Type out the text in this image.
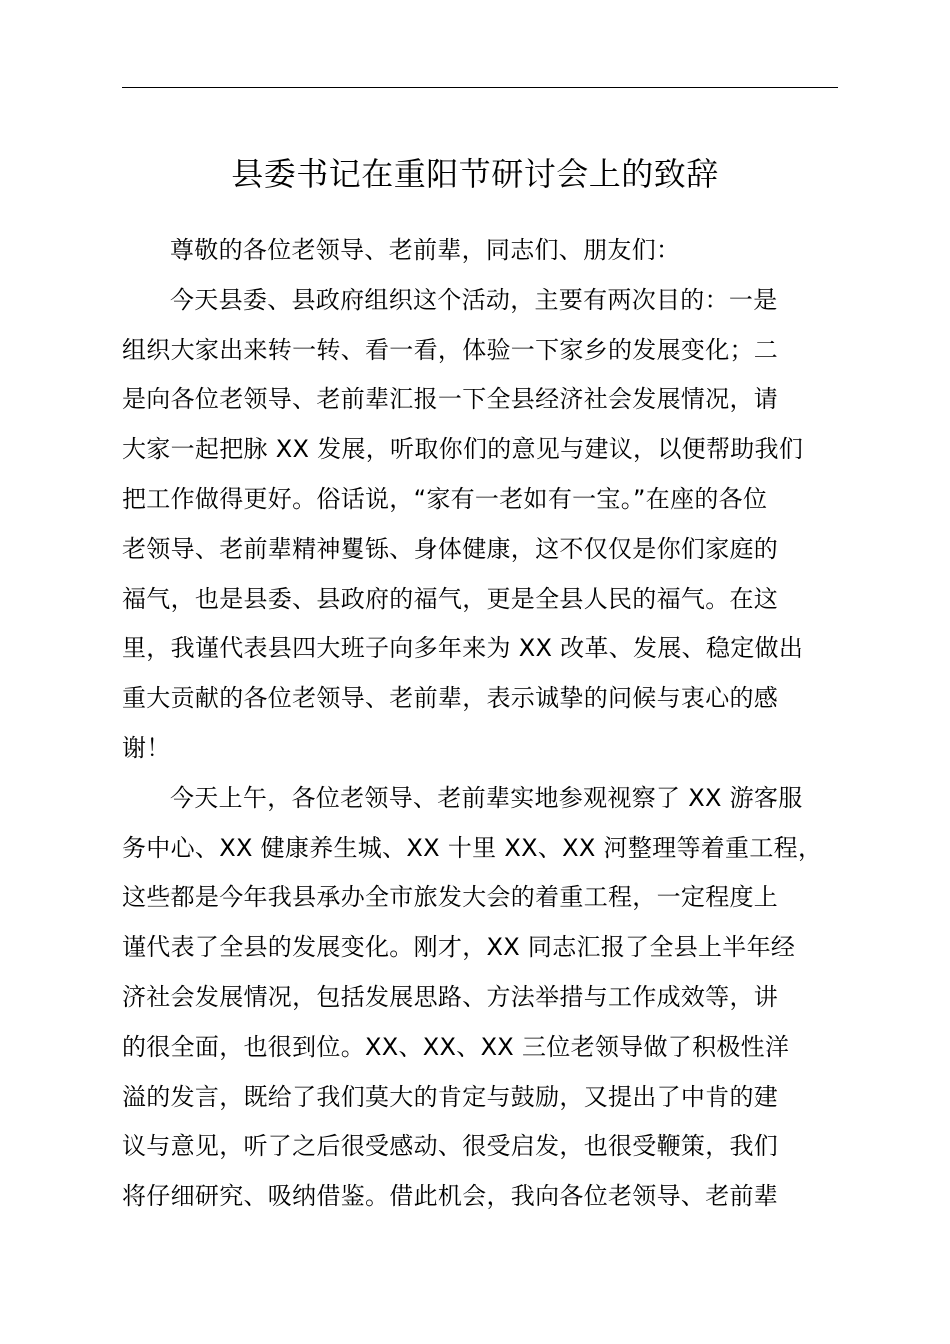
县委书记在重阳节研讨会上的致辞
尊敬的各位老领导、老前辈，同志们、朋友们：
今天县委、县政府组织这个活动，主要有两次目的：一是
组织大家出来转一转、看一看，体验一下家乡的发展变化；二
是向各位老领导、老前辈汇报一下全县经济社会发展情况，请
大家一起把脉 XX 发展，听取你们的意见与建议，以便帮助我们
把工作做得更好。俗话说，“家有一老如有一宝。”在座的各位
老领导、老前辈精神矍铄、身体健康，这不仅仅是你们家庭的
福气，也是县委、县政府的福气，更是全县人民的福气。在这
里，我谨代表县四大班子向多年来为 XX 改革、发展、稳定做出
重大贡献的各位老领导、老前辈，表示诚挚的问候与衷心的感
谢！
今天上午，各位老领导、老前辈实地参观视察了 XX 游客服
务中心、XX 健康养生城、XX 十里 XX、XX 河整理等着重工程，
这些都是今年我县承办全市旅发大会的着重工程，一定程度上
谨代表了全县的发展变化。刚才，XX 同志汇报了全县上半年经
济社会发展情况，包括发展思路、方法举措与工作成效等，讲
的很全面，也很到位。XX、XX、XX 三位老领导做了积极性洋
溢的发言，既给了我们莫大的肯定与鼓励，又提出了中肯的建
议与意见，听了之后很受感动、很受启发，也很受鞭策，我们
将仔细研究、吸纳借鉴。借此机会，我向各位老领导、老前辈
